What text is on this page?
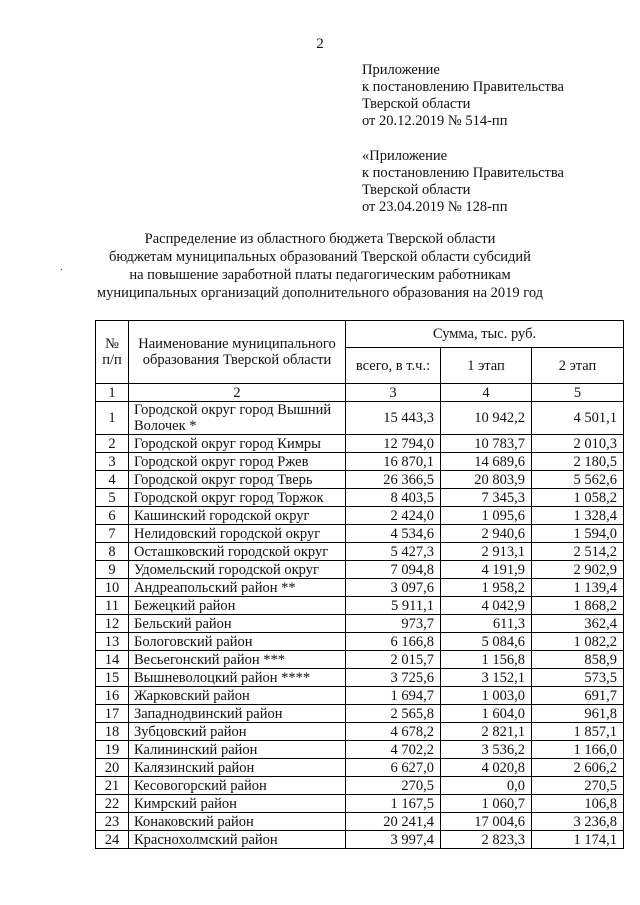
2
Приложение
к постановлению Правительства
Тверской области
от 20.12.2019 № 514-пп
«Приложение
к постановлению Правительства
Тверской области
от 23.04.2019 № 128-пп
.
Распределение из областного бюджета Тверской области
бюджетам муниципальных образований Тверской области субсидий
на повышение заработной платы педагогическим работникам
муниципальных организаций дополнительного образования на 2019 год
№ п/п	Наименование муниципального образования Тверской области	Сумма, тыс. руб.		
		всего, в т.ч.:	1 этап	2 этап
1	2	3	4	5
1	Городской округ город Вышний Волочек *	15 443,3	10 942,2	4 501,1
2	Городской округ город Кимры	12 794,0	10 783,7	2 010,3
3	Городской округ город Ржев	16 870,1	14 689,6	2 180,5
4	Городской округ город Тверь	26 366,5	20 803,9	5 562,6
5	Городской округ город Торжок	8 403,5	7 345,3	1 058,2
6	Кашинский городской округ	2 424,0	1 095,6	1 328,4
7	Нелидовский городской округ	4 534,6	2 940,6	1 594,0
8	Осташковский городской округ	5 427,3	2 913,1	2 514,2
9	Удомельский городской округ	7 094,8	4 191,9	2 902,9
10	Андреапольский район **	3 097,6	1 958,2	1 139,4
11	Бежецкий район	5 911,1	4 042,9	1 868,2
12	Бельский район	973,7	611,3	362,4
13	Бологовский район	6 166,8	5 084,6	1 082,2
14	Весьегонский район ***	2 015,7	1 156,8	858,9
15	Вышневолоцкий район ****	3 725,6	3 152,1	573,5
16	Жарковский район	1 694,7	1 003,0	691,7
17	Западнодвинский район	2 565,8	1 604,0	961,8
18	Зубцовский район	4 678,2	2 821,1	1 857,1
19	Калининский район	4 702,2	3 536,2	1 166,0
20	Калязинский район	6 627,0	4 020,8	2 606,2
21	Кесовогорский район	270,5	0,0	270,5
22	Кимрский район	1 167,5	1 060,7	106,8
23	Конаковский район	20 241,4	17 004,6	3 236,8
24	Краснохолмский район	3 997,4	2 823,3	1 174,1
